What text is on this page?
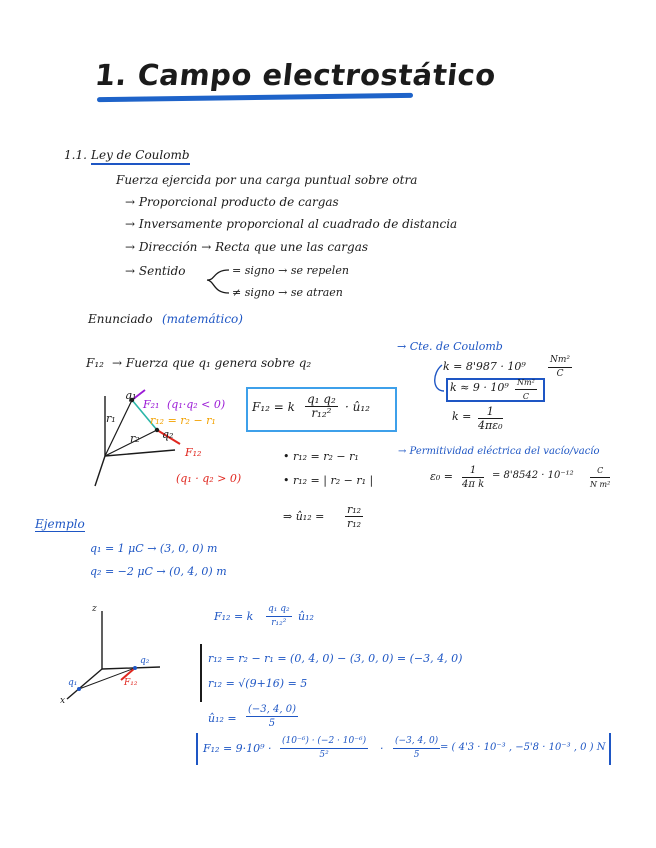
1. Campo electrostático
1.1. Ley de Coulomb
Fuerza ejercida por una carga puntual sobre otra
→ Proporcional producto de cargas
→ Inversamente proporcional al cuadrado de distancia
→ Dirección → Recta que une las cargas
→ Sentido	= signo → se repelen
≠ signo → se atraen
Enunciado (matemático)
F₁₂ → Fuerza que q₁ genera sobre q₂
→ Cte. de Coulomb
$k = 8'987 \cdot 10^9 \frac{\text{Nm²}}{C}$
$k \approx 9 \cdot 10^9 \frac{\text{Nm²}}{C}$
$k = \frac{1}{\text{4πε₀}}$
F₁₂ = k $\frac{\text{q₁ q₂}}{\text{r₁₂²}}$ · û₁₂
q₁
q₂
r₁
r₂
F₂₁ (q₁·q₂ < 0)
r₁₂ = r₂ − r₁
F₁₂
(q₁ · q₂ > 0)
• r₁₂ = r₂ − r₁
• r₁₂ = | r₂ − r₁ |
⇒ û₁₂ = $\frac{\text{r₁₂}}{\text{r₁₂}}$
→ Permitividad eléctrica del vacío/vacío
$\varepsilon_0 = \frac{1}{\text{4π k}} = 8'8542 \cdot 10^{-12} \frac{C}{\text{N m²}}$
Ejemplo
q₁ = 1 μC → (3, 0, 0) m
q₂ = −2 μC → (0, 4, 0) m
z
x
q₁
q₂
F₁₂
F₁₂ = k $\frac{\text{q₁ q₂}}{\text{r₁₂²}}$ û₁₂
r₁₂ = r₂ − r₁ = (0, 4, 0) − (3, 0, 0) = (−3, 4, 0)
r₁₂ = √(9+16) = 5
û₁₂ = $\frac{(-3, 4, 0)}{5}$
$F_{12} = 9\cdot 10^9 \cdot \frac{\text{(10⁻⁶) · (−2 · 10⁻⁶)}}{\text{5²}} \cdot \frac{(-3, 4, 0)}{5}$ = ( 4'3 · 10⁻³ , −5'8 · 10⁻³ , 0 ) N
